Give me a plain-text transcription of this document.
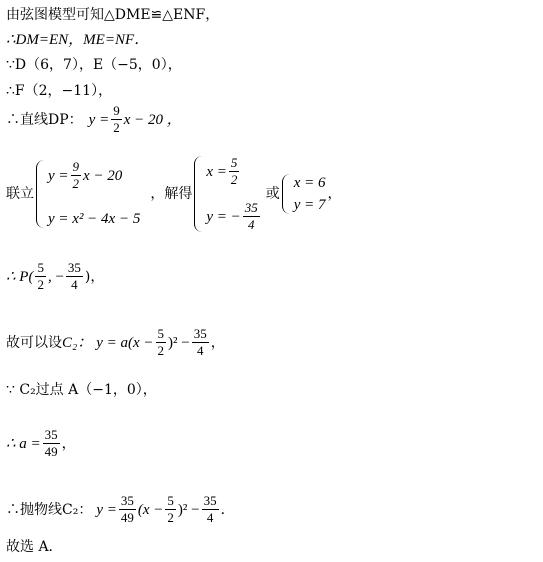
由弦图模型可知△DME≌△ENF，
∴DM=EN，ME=NF．
∵D（6，7），E（−5，0），
∴F（2，−11），
∴直线DP： $y = \frac{9}{2}$ x − 20 ，
联立
$y = \frac{9}{2}$ x − 20
y = x² − 4x − 5
，解得
$x = \frac{5}{2}$
y = − $\frac{35}{4}$
或
x = 6
y = 7
，
∴ $P( \frac{5}{2}$ , − $\frac{35}{4}$ )，
故可以设 C₂： $y = a(x - \frac{5}{2} )^2 - \frac{35}{4}$ ，
∵ C₂过点 A（−1，0），
∴ $a = \frac{35}{49}$ ，
∴抛物线C₂： $y = \frac{35}{49} (x - \frac{5}{2} )^2 - \frac{35}{4}$ ．
故选 A．
